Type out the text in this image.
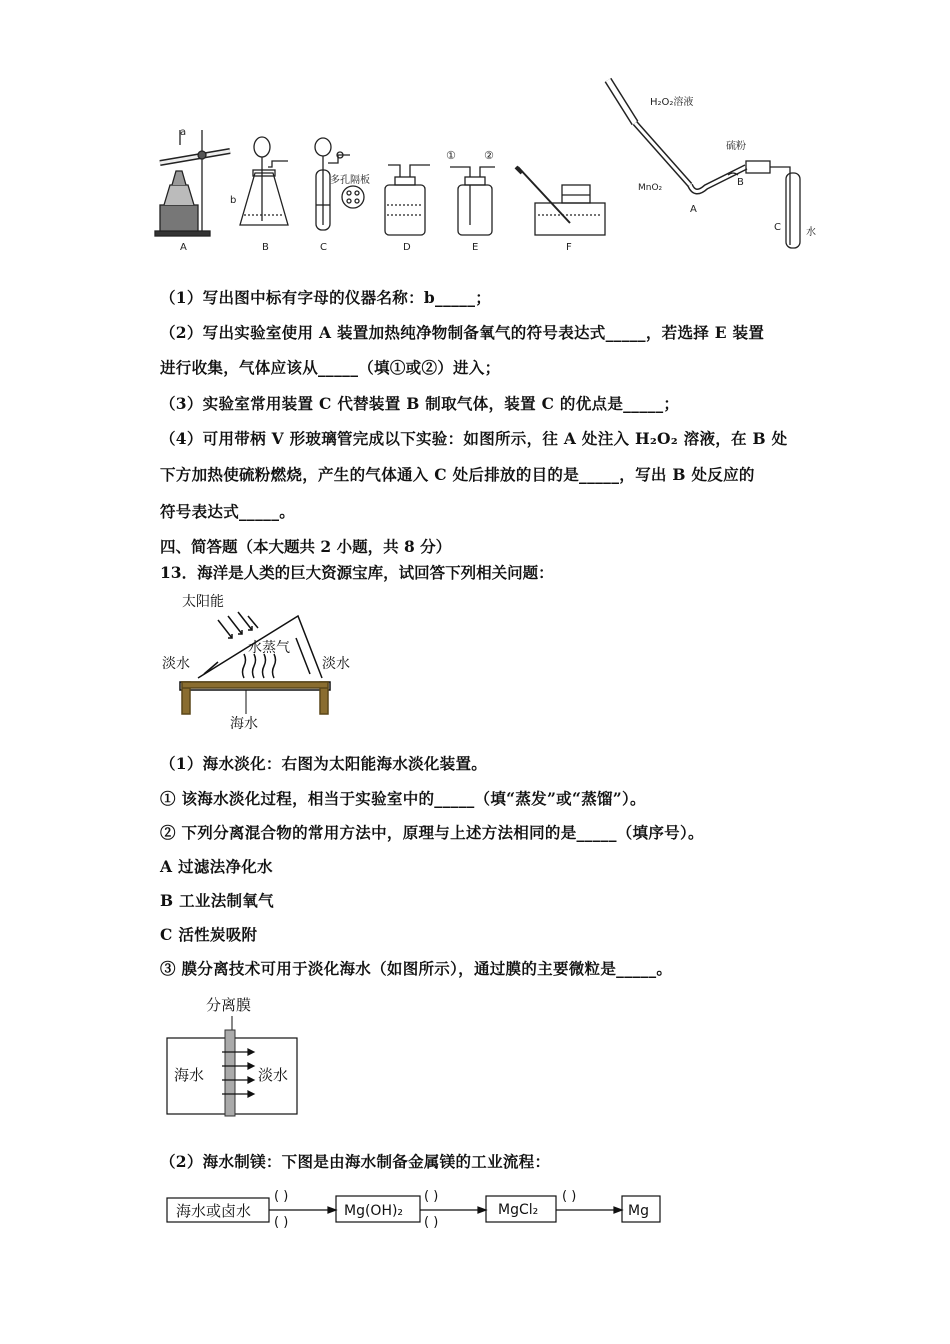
a
b
A	B
多孔隔板
C	D
①	②
E	F
H₂O₂溶液
硫粉
MnO₂
A
B
C	水
（1）写出图中标有字母的仪器名称：b_____；
（2）写出实验室使用 A 装置加热纯净物制备氧气的符号表达式_____，若选择 E 装置
进行收集，气体应该从_____（填①或②）进入；
（3）实验室常用装置 C 代替装置 B 制取气体，装置 C 的优点是_____；
（4）可用带柄 V 形玻璃管完成以下实验：如图所示，往 A 处注入 H₂O₂ 溶液，在 B 处
下方加热使硫粉燃烧，产生的气体通入 C 处后排放的目的是_____，写出 B 处反应的
符号表达式_____。
四、简答题（本大题共 2 小题，共 8 分）
13．海洋是人类的巨大资源宝库，试回答下列相关问题：
太阳能
淡水
水蒸气
淡水
海水
（1）海水淡化：右图为太阳能海水淡化装置。
① 该海水淡化过程，相当于实验室中的_____（填“蒸发”或“蒸馏”）。
② 下列分离混合物的常用方法中，原理与上述方法相同的是_____（填序号）。
A 过滤法净化水
B 工业法制氧气
C 活性炭吸附
③ 膜分离技术可用于淡化海水（如图所示），通过膜的主要微粒是_____。
分离膜
海水	淡水
（2）海水制镁：下图是由海水制备金属镁的工业流程：
海水或卤水	Mg(OH)₂	MgCl₂	Mg
( )
( )
( )
( )
( )
